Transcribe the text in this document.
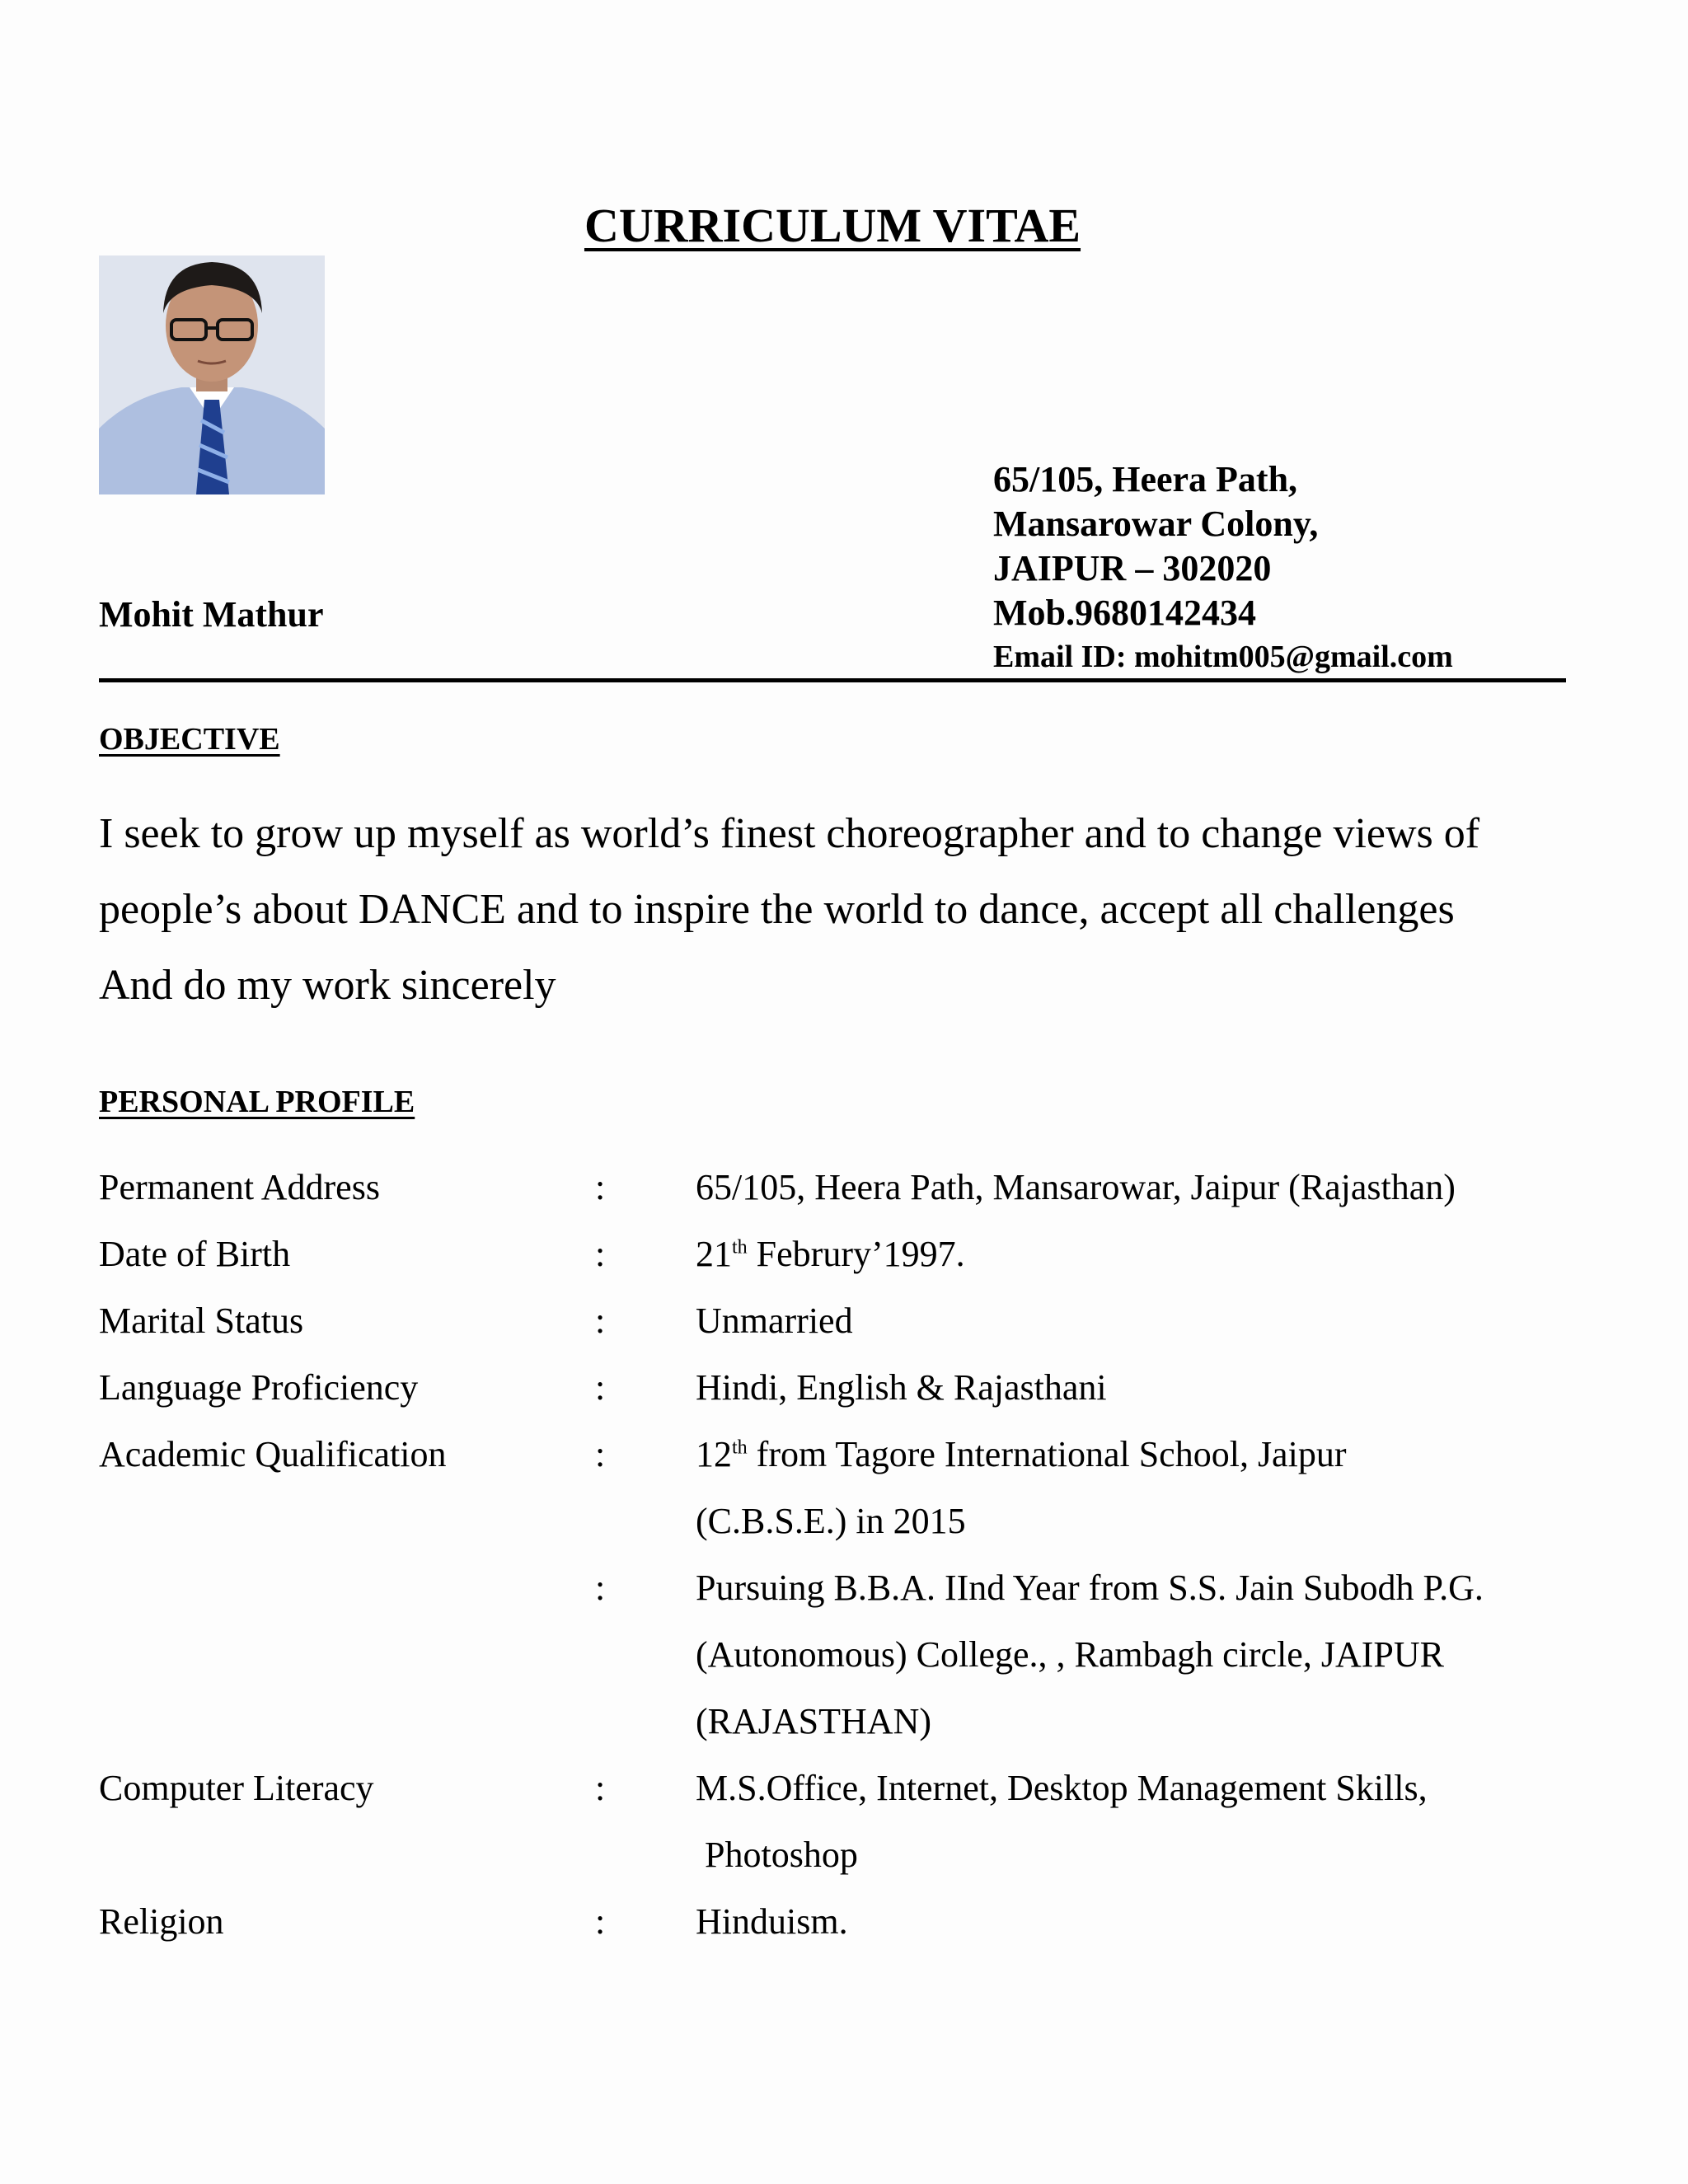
CURRICULUM VITAE
65/105, Heera Path,
Mansarowar Colony,
JAIPUR – 302020
Mob.9680142434
Email ID: mohitm005@gmail.com
Mohit Mathur
OBJECTIVE
I seek to grow up myself as world’s finest choreographer and to change views of
people’s about DANCE and to inspire the world to dance, accept all challenges
And do my work sincerely
PERSONAL PROFILE
Permanent Address	: 65/105, Heera Path, Mansarowar, Jaipur (Rajasthan)
Date of Birth	: 21th Februry’1997.
Marital Status	: Unmarried
Language Proficiency	: Hindi, English & Rajasthani
Academic Qualification	: 12th from Tagore International School, Jaipur
(C.B.S.E.) in 2015
: Pursuing B.B.A. IInd Year from S.S. Jain Subodh P.G.
(Autonomous) College., , Rambagh circle, JAIPUR
(RAJASTHAN)
Computer Literacy	: M.S.Office, Internet, Desktop Management Skills,
Photoshop
Religion	: Hinduism.
